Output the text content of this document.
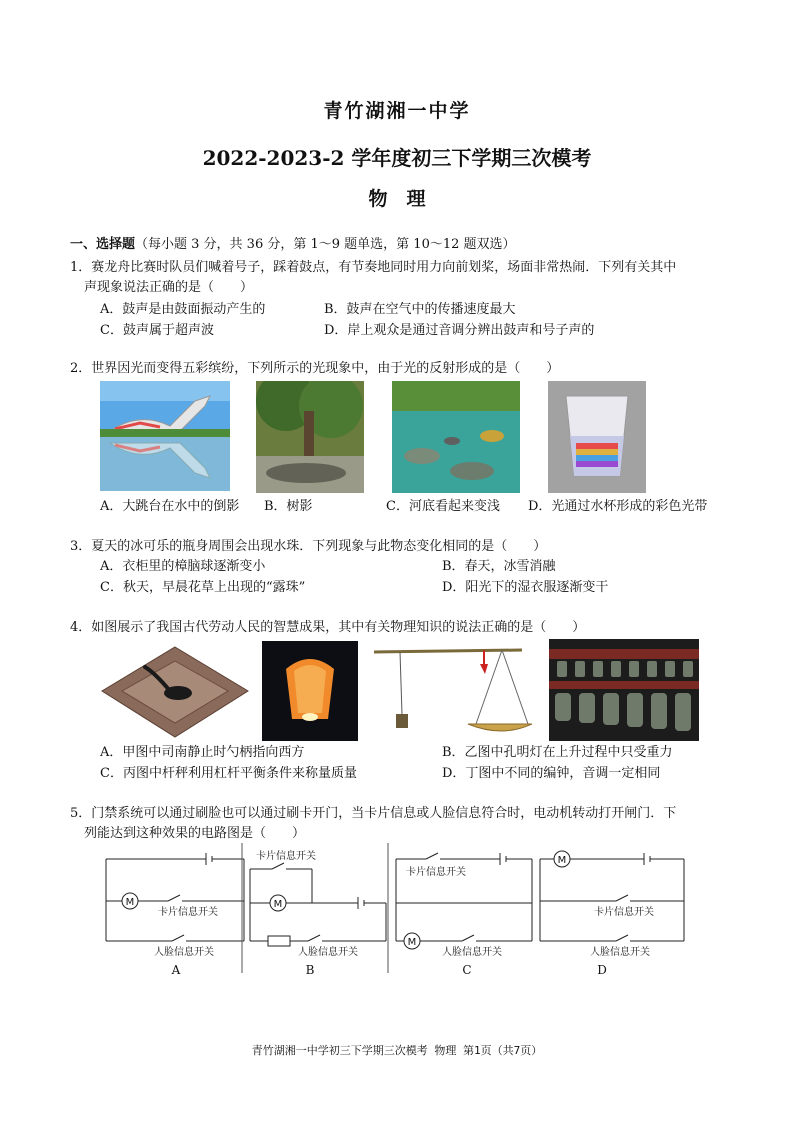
青竹湖湘一中学
2022-2023-2 学年度初三下学期三次模考
物　理
一、选择题（每小题 3 分，共 36 分，第 1～9 题单选，第 10～12 题双选）
1．赛龙舟比赛时队员们喊着号子，踩着鼓点，有节奏地同时用力向前划桨，场面非常热闹．下列有关其中
声现象说法正确的是（　　）
A．鼓声是由鼓面振动产生的	B．鼓声在空气中的传播速度最大
C．鼓声属于超声波	D．岸上观众是通过音调分辨出鼓声和号子声的
2．世界因光而变得五彩缤纷，下列所示的光现象中，由于光的反射形成的是（　　）
A．大跳台在水中的倒影 B．树影	C．河底看起来变浅 D．光通过水杯形成的彩色光带
3．夏天的冰可乐的瓶身周围会出现水珠．下列现象与此物态变化相同的是（　　）
A．衣柜里的樟脑球逐渐变小	B．春天，冰雪消融
C．秋天，早晨花草上出现的“露珠”	D．阳光下的湿衣服逐渐变干
4．如图展示了我国古代劳动人民的智慧成果，其中有关物理知识的说法正确的是（　　）
A．甲图中司南静止时勺柄指向西方	B．乙图中孔明灯在上升过程中只受重力
C．丙图中杆秤利用杠杆平衡条件来称量质量	D．丁图中不同的编钟，音调一定相同
5．门禁系统可以通过刷脸也可以通过刷卡开门，当卡片信息或人脸信息符合时，电动机转动打开闸门．下
列能达到这种效果的电路图是（　　）
M	M
M
M
卡片信息开关
人脸信息开关
卡片信息开关
人脸信息开关
卡片信息开关
人脸信息开关
卡片信息开关
人脸信息开关
A	B	C	D
青竹湖湘一中学初三下学期三次模考 物理 第1页（共7页）
